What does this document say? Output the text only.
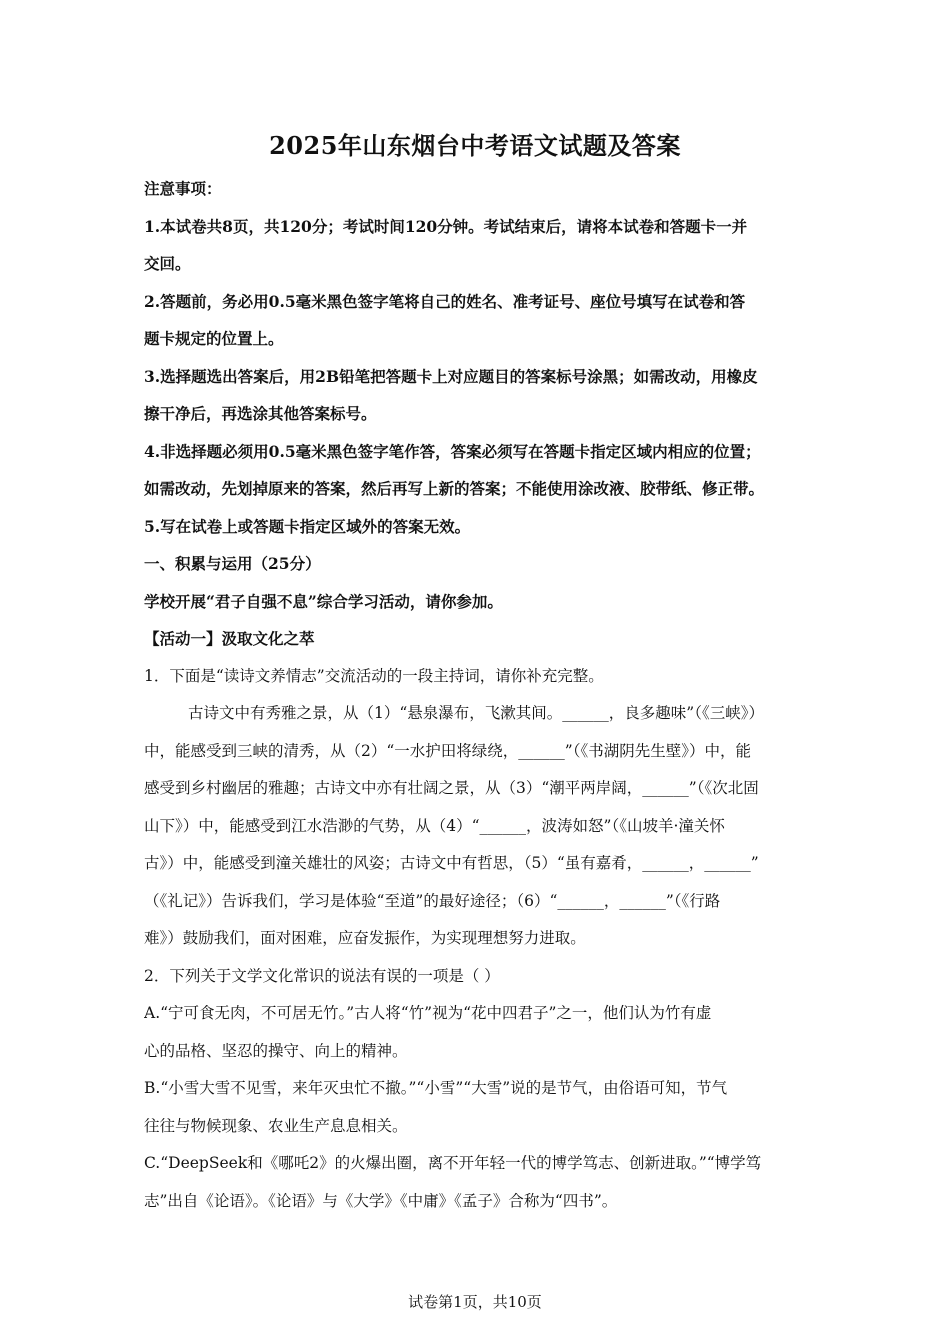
2025年山东烟台中考语文试题及答案
注意事项：
1.本试卷共8页，共120分；考试时间120分钟。考试结束后，请将本试卷和答题卡一并
交回。
2.答题前，务必用0.5毫米黑色签字笔将自己的姓名、准考证号、座位号填写在试卷和答
题卡规定的位置上。
3.选择题选出答案后，用2B铅笔把答题卡上对应题目的答案标号涂黑；如需改动，用橡皮
擦干净后，再选涂其他答案标号。
4.非选择题必须用0.5毫米黑色签字笔作答，答案必须写在答题卡指定区域内相应的位置；
如需改动，先划掉原来的答案，然后再写上新的答案；不能使用涂改液、胶带纸、修正带。
5.写在试卷上或答题卡指定区域外的答案无效。
一、积累与运用（25分）
学校开展“君子自强不息”综合学习活动，请你参加。
【活动一】汲取文化之萃
1．下面是“读诗文养情志”交流活动的一段主持词，请你补充完整。
古诗文中有秀雅之景，从（1）“悬泉瀑布，飞漱其间。______，良多趣味”（《三峡》）
中，能感受到三峡的清秀，从（2）“一水护田将绿绕，______”（《书湖阴先生壁》）中，能
感受到乡村幽居的雅趣；古诗文中亦有壮阔之景，从（3）“潮平两岸阔，______”（《次北固
山下》）中，能感受到江水浩渺的气势，从（4）“______，波涛如怒”（《山坡羊·潼关怀
古》）中，能感受到潼关雄壮的风姿；古诗文中有哲思，（5）“虽有嘉肴，______，______”
（《礼记》）告诉我们，学习是体验“至道”的最好途径；（6）“______，______”（《行路
难》）鼓励我们，面对困难，应奋发振作，为实现理想努力进取。
2．下列关于文学文化常识的说法有误的一项是（ ）
A.“宁可食无肉，不可居无竹。”古人将“竹”视为“花中四君子”之一，他们认为竹有虚
心的品格、坚忍的操守、向上的精神。
B.“小雪大雪不见雪，来年灭虫忙不撤。”“小雪”“大雪”说的是节气，由俗语可知，节气
往往与物候现象、农业生产息息相关。
C.“DeepSeek和《哪吒2》的火爆出圈，离不开年轻一代的博学笃志、创新进取。”“博学笃
志”出自《论语》。《论语》与《大学》《中庸》《孟子》合称为“四书”。
试卷第1页，共10页
